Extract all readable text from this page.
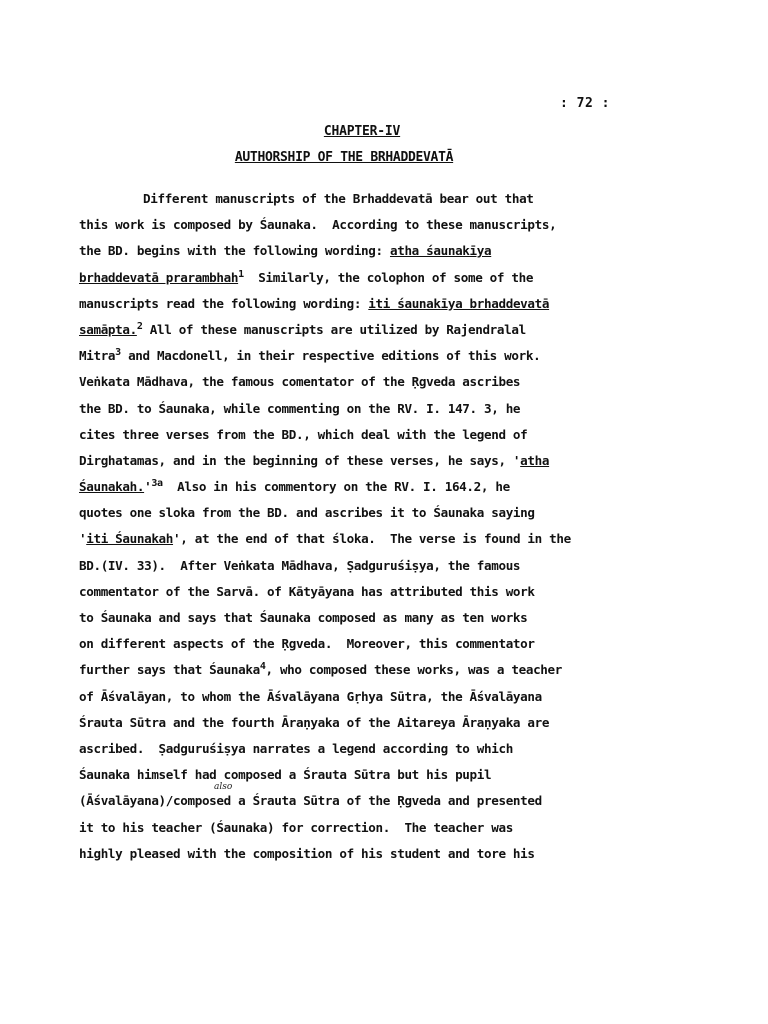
: 72 :
CHAPTER-IV
AUTHORSHIP OF THE BRHADDEVATĀ
also
Different manuscripts of the Brhaddevatā bear out that
this work is composed by Śaunaka.  According to these manuscripts,
the BD. begins with the following wording: atha śaunakīya
brhaddevatā prarambhah$^1$  Similarly, the colophon of some of the
manuscripts read the following wording: iti śaunakīya brhaddevatā
samāpta.$^2$ All of these manuscripts are utilized by Rajendralal
Mitra$^3$ and Macdonell, in their respective editions of this work.
Veṅkata Mādhava, the famous comentator of the Ṛgveda ascribes
the BD. to Śaunaka, while commenting on the RV. I. 147. 3, he
cites three verses from the BD., which deal with the legend of
Dirghatamas, and in the beginning of these verses, he says, 'atha
$Śaunakah.'^{3a}$  Also in his commentory on the RV. I. 164.2, he
quotes one sloka from the BD. and ascribes it to Śaunaka saying
'iti Śaunakah', at the end of that śloka.  The verse is found in the
BD.(IV. 33).  After Veṅkata Mādhava, Ṣadguruśiṣya, the famous
commentator of the Sarvā. of Kātyāyana has attributed this work
to Śaunaka and says that Śaunaka composed as many as ten works
on different aspects of the Ṛgveda.  Moreover, this commentator
further says that Śaunaka$^4$, who composed these works, was a teacher
of Āśvalāyan, to whom the Āśvalāyana Gṛhya Sūtra, the Āśvalāyana
Śrauta Sūtra and the fourth Āraṇyaka of the Aitareya Āraṇyaka are
ascribed.  Ṣadguruśiṣya narrates a legend according to which
Śaunaka himself had composed a Śrauta Sūtra but his pupil
(Āśvalāyana)/composed a Śrauta Sūtra of the Ṛgveda and presented
it to his teacher (Śaunaka) for correction.  The teacher was
highly pleased with the composition of his student and tore his
